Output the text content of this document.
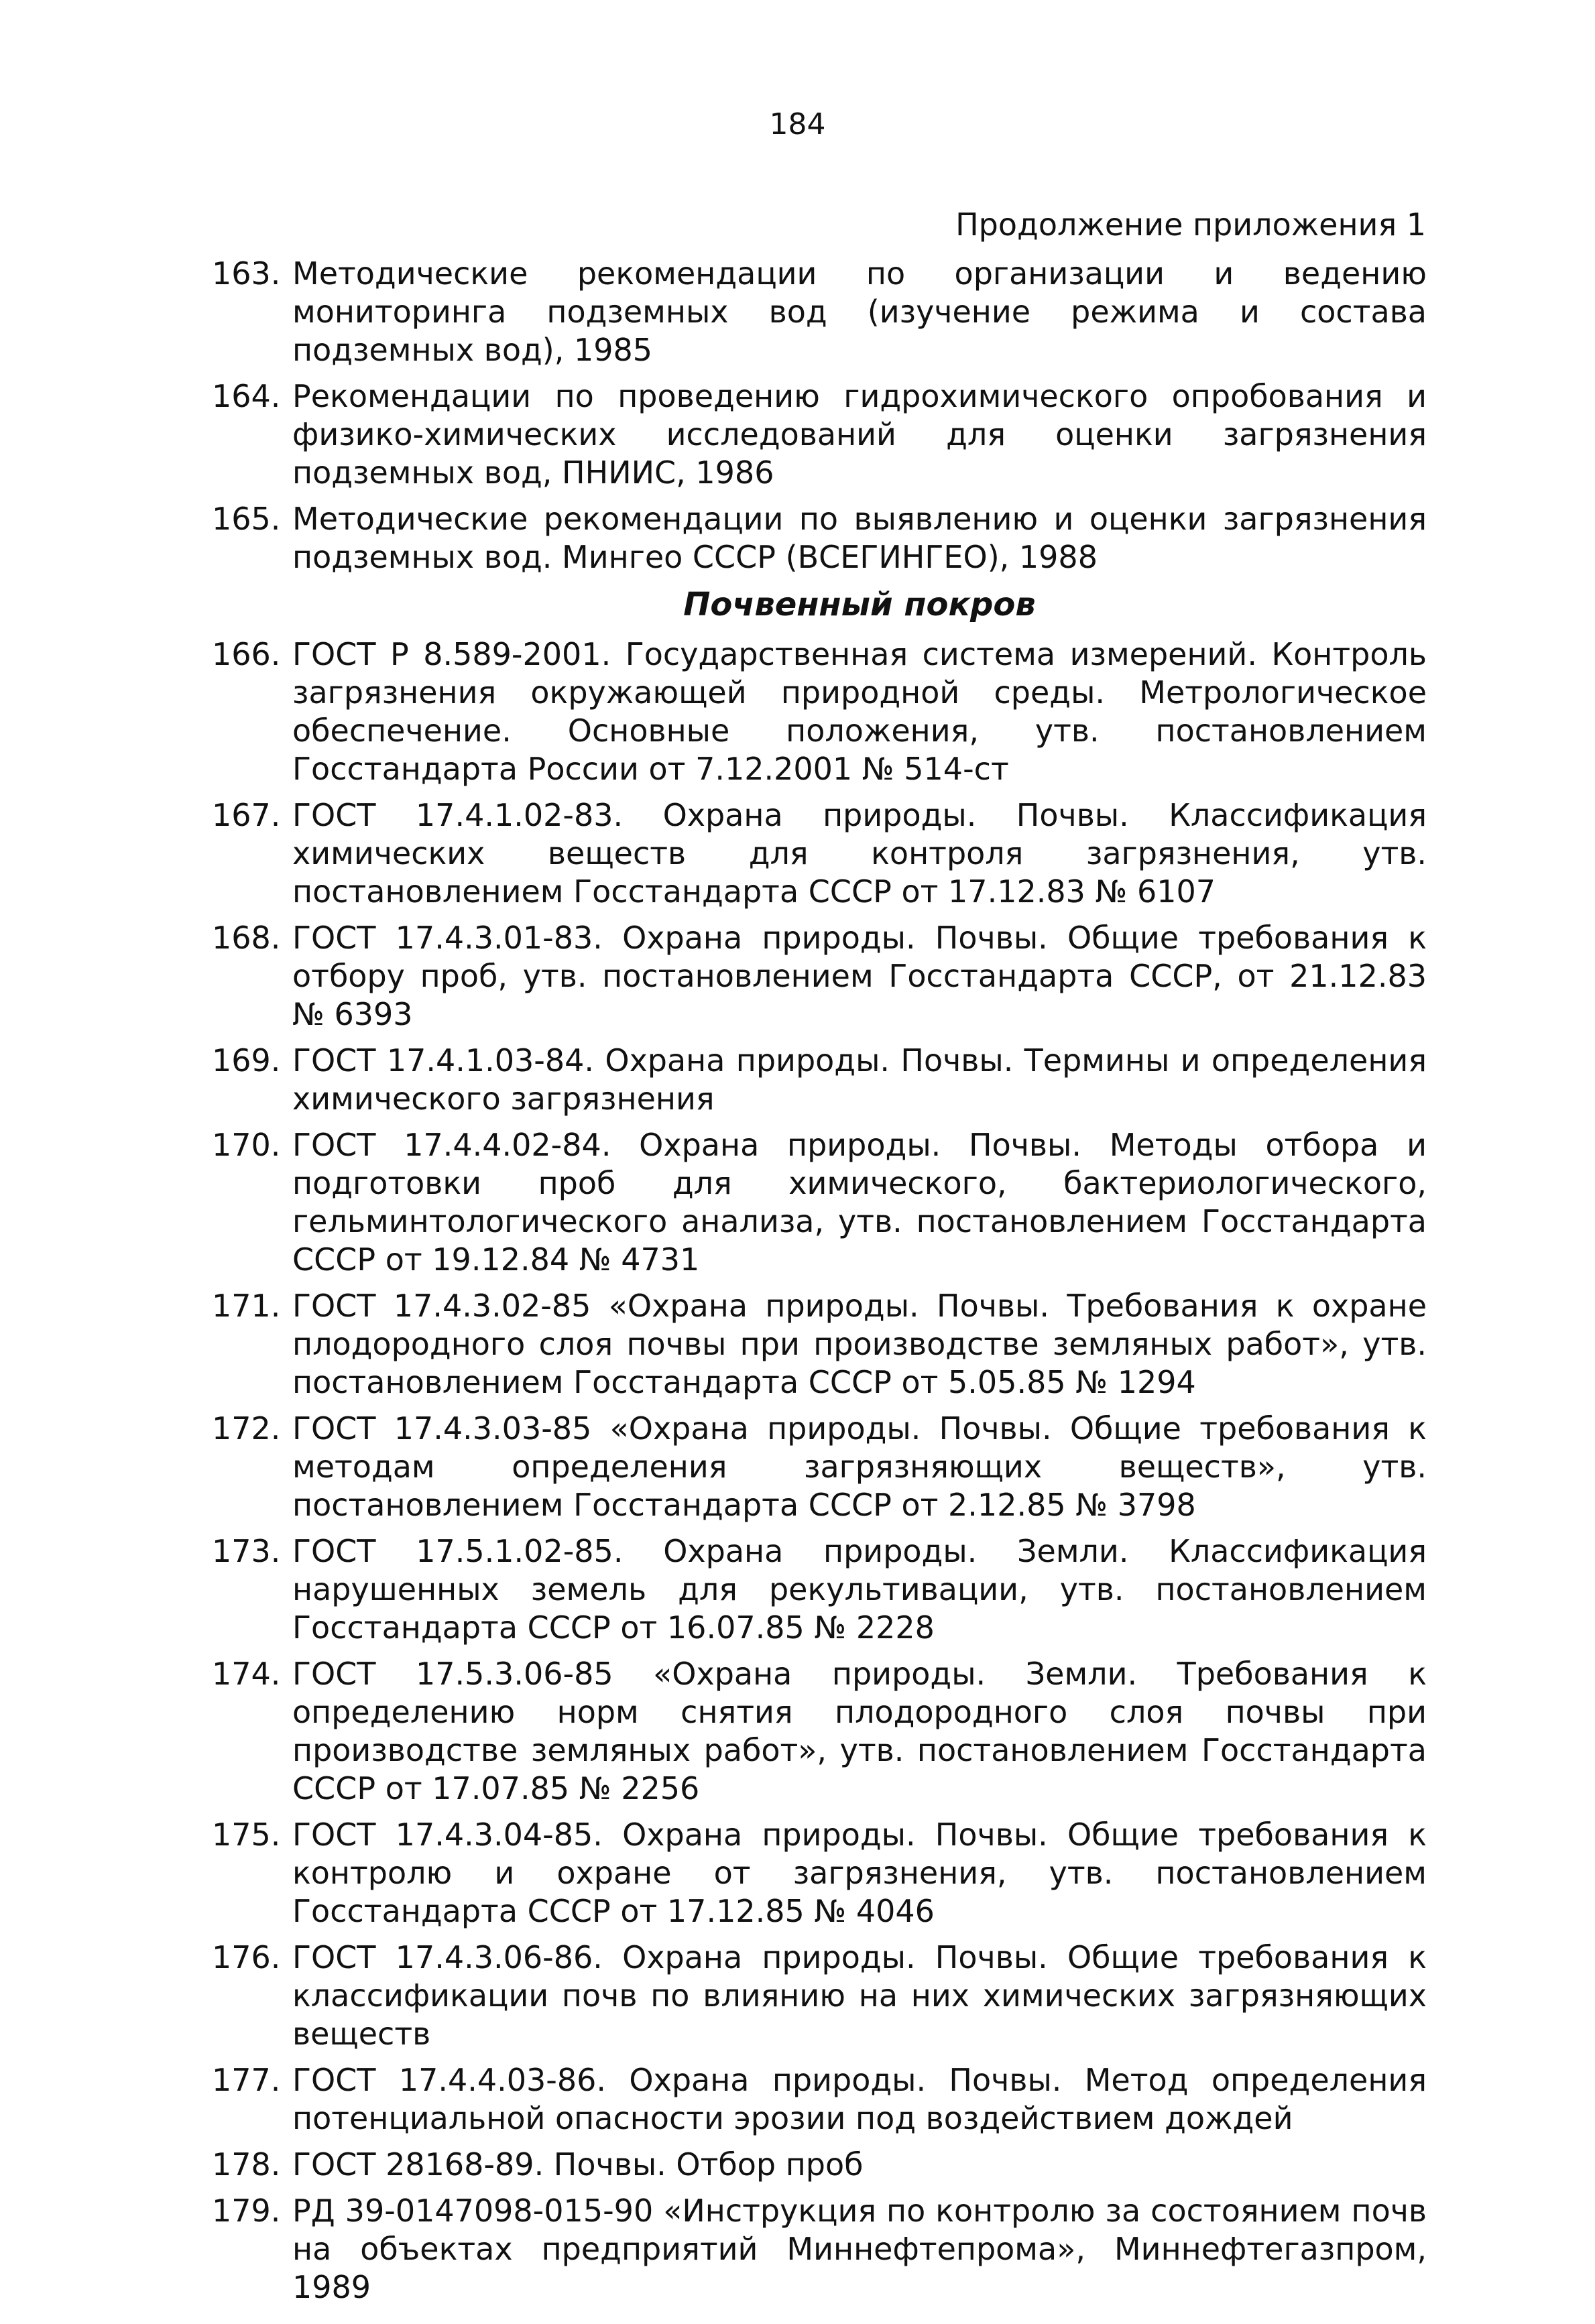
184
Продолжение приложения 1
163. Методические рекомендации по организации и ведению мониторинга подземных вод (изучение режима и состава подземных вод), 1985
164. Рекомендации по проведению гидрохимического опробования и физико-химических исследований для оценки загрязнения подземных вод, ПНИИС, 1986
165. Методические рекомендации по выявлению и оценки загрязнения подземных вод. Мингео СССР (ВСЕГИНГЕО), 1988
Почвенный покров
166. ГОСТ Р 8.589-2001. Государственная система измерений. Контроль загрязнения окружающей природной среды. Метрологическое обеспечение. Основные положения, утв. постановлением Госстандарта России от 7.12.2001 № 514-ст
167. ГОСТ 17.4.1.02-83. Охрана природы. Почвы. Классификация химических веществ для контроля загрязнения, утв. постановлением Госстандарта СССР от 17.12.83 № 6107
168. ГОСТ 17.4.3.01-83. Охрана природы. Почвы. Общие требования к отбору проб, утв. постановлением Госстандарта СССР, от 21.12.83 № 6393
169. ГОСТ 17.4.1.03-84. Охрана природы. Почвы. Термины и определения химического загрязнения
170. ГОСТ 17.4.4.02-84. Охрана природы. Почвы. Методы отбора и подготовки проб для химического, бактериологического, гельминтологического анализа, утв. постановлением Госстандарта СССР от 19.12.84 № 4731
171. ГОСТ 17.4.3.02-85 «Охрана природы. Почвы. Требования к охране плодородного слоя почвы при производстве земляных работ», утв. постановлением Госстандарта СССР от 5.05.85 № 1294
172. ГОСТ 17.4.3.03-85 «Охрана природы. Почвы. Общие требования к методам определения загрязняющих веществ», утв. постановлением Госстандарта СССР от 2.12.85 № 3798
173. ГОСТ 17.5.1.02-85. Охрана природы. Земли. Классификация нарушенных земель для рекультивации, утв. постановлением Госстандарта СССР от 16.07.85 № 2228
174. ГОСТ 17.5.3.06-85 «Охрана природы. Земли. Требования к определению норм снятия плодородного слоя почвы при производстве земляных работ», утв. постановлением Госстандарта СССР от 17.07.85 № 2256
175. ГОСТ 17.4.3.04-85. Охрана природы. Почвы. Общие требования к контролю и охране от загрязнения, утв. постановлением Госстандарта СССР от 17.12.85 № 4046
176. ГОСТ 17.4.3.06-86. Охрана природы. Почвы. Общие требования к классификации почв по влиянию на них химических загрязняющих веществ
177. ГОСТ 17.4.4.03-86. Охрана природы. Почвы. Метод определения потенциальной опасности эрозии под воздействием дождей
178. ГОСТ 28168-89. Почвы. Отбор проб
179. РД 39-0147098-015-90 «Инструкция по контролю за состоянием почв на объектах предприятий Миннефтепрома», Миннефтегазпром, 1989
